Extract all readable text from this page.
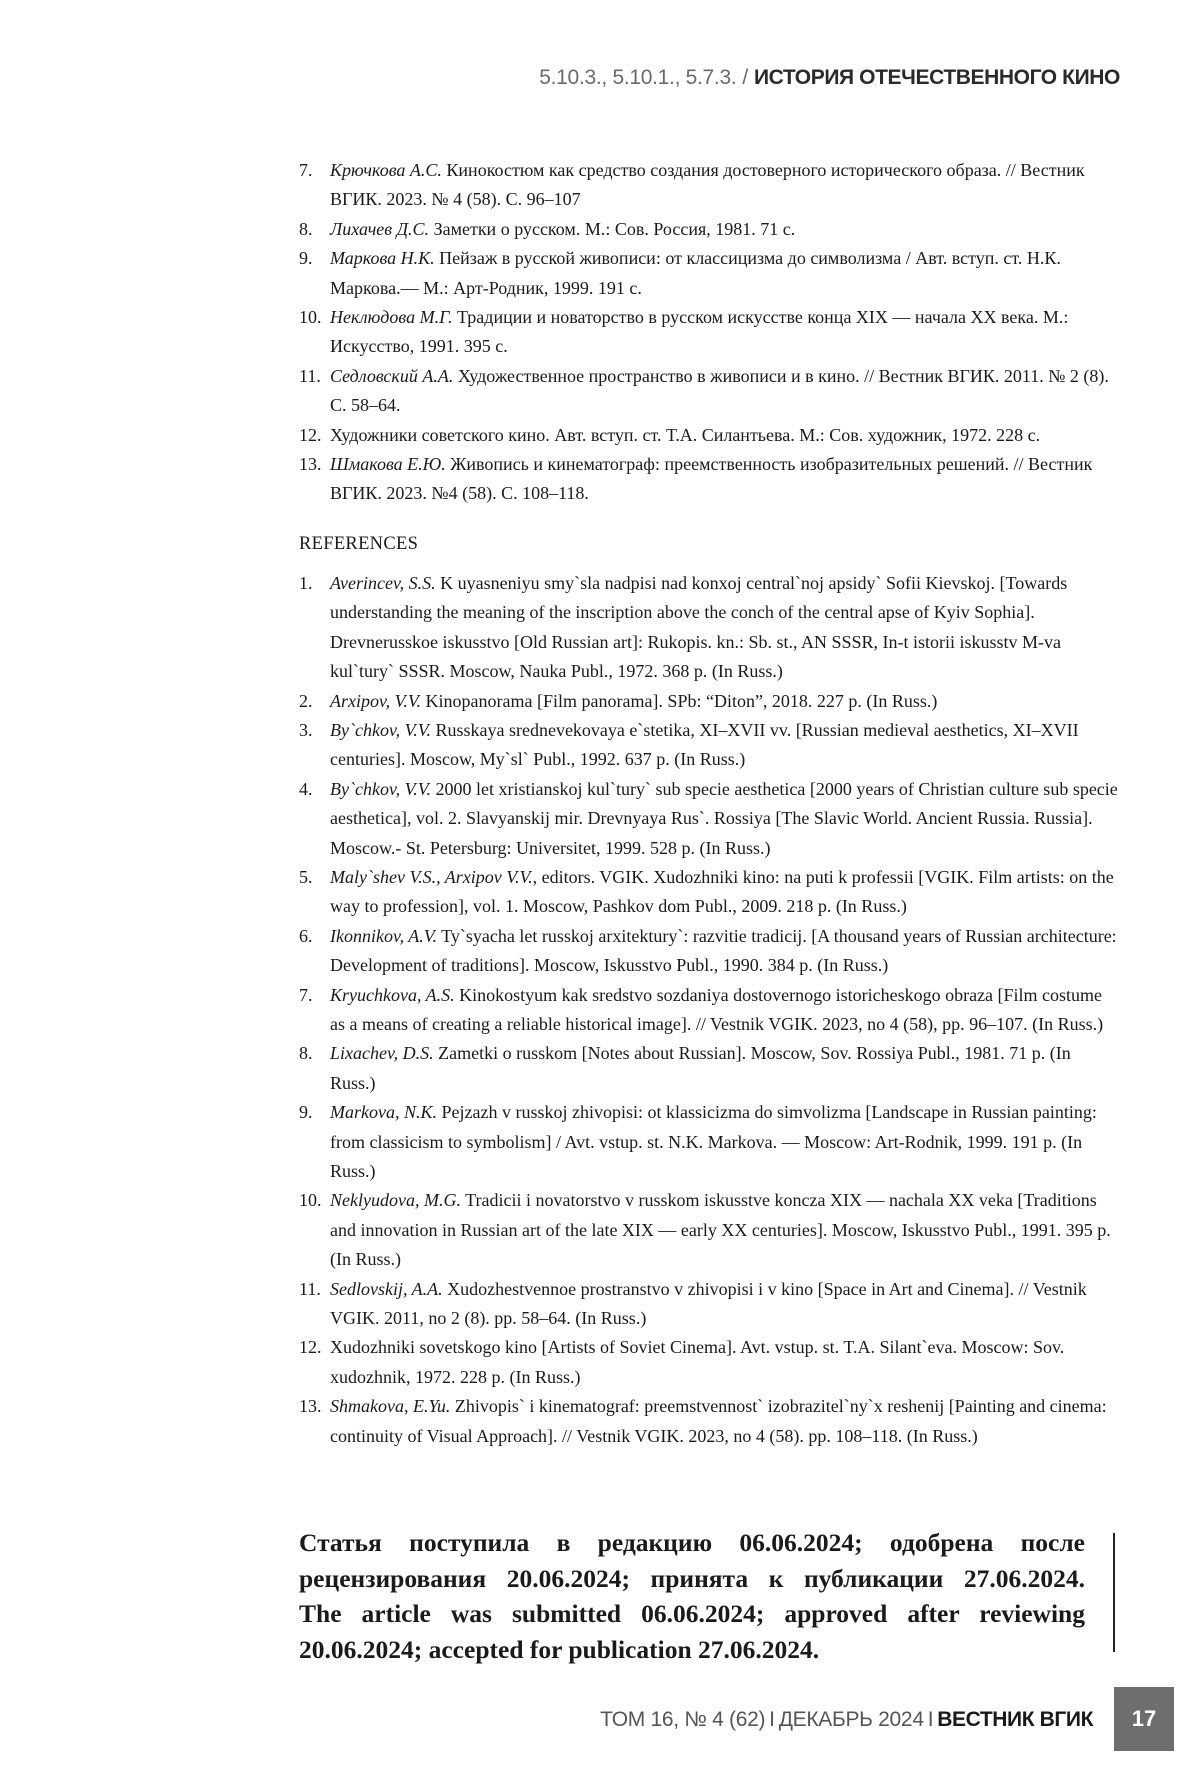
5.10.3., 5.10.1., 5.7.3. / ИСТОРИЯ ОТЕЧЕСТВЕННОГО КИНО
7. Крючкова А.С. Кинокостюм как средство создания достоверного исторического образа. // Вестник ВГИК. 2023. № 4 (58). С. 96–107
8. Лихачев Д.С. Заметки о русском. М.: Сов. Россия, 1981. 71 с.
9. Маркова Н.К. Пейзаж в русской живописи: от классицизма до символизма / Авт. вступ. ст. Н.К. Маркова.— М.: Арт-Родник, 1999. 191 с.
10. Неклюдова М.Г. Традиции и новаторство в русском искусстве конца XIX — начала XX века. М.: Искусство, 1991. 395 с.
11. Седловский А.А. Художественное пространство в живописи и в кино. // Вестник ВГИК. 2011. № 2 (8). С. 58–64.
12. Художники советского кино. Авт. вступ. ст. Т.А. Силантьева. М.: Сов. художник, 1972. 228 с.
13. Шмакова Е.Ю. Живопись и кинематограф: преемственность изобразительных решений. // Вестник ВГИК. 2023. №4 (58). С. 108–118.
REFERENCES
1. Averincev, S.S. K uyasneniyu smy`sla nadpisi nad konxoj central`noj apsidy` Sofii Kievskoj. [Towards understanding the meaning of the inscription above the conch of the central apse of Kyiv Sophia]. Drevnerusskoe iskusstvo [Old Russian art]: Rukopis. kn.: Sb. st., AN SSSR, In-t istorii iskusstv M-va kul`tury` SSSR. Moscow, Nauka Publ., 1972. 368 p. (In Russ.)
2. Arxipov, V.V. Kinopanorama [Film panorama]. SPb: “Diton”, 2018. 227 p. (In Russ.)
3. By`chkov, V.V. Russkaya srednevekovaya e`stetika, XI–XVII vv. [Russian medieval aesthetics, XI–XVII centuries]. Moscow, My`sl` Publ., 1992. 637 p. (In Russ.)
4. By`chkov, V.V. 2000 let xristianskoj kul`tury` sub specie aesthetica [2000 years of Christian culture sub specie aesthetica], vol. 2. Slavyanskij mir. Drevnyaya Rus`. Rossiya [The Slavic World. Ancient Russia. Russia]. Moscow.- St. Petersburg: Universitet, 1999. 528 p. (In Russ.)
5. Maly`shev V.S., Arxipov V.V., editors. VGIK. Xudozhniki kino: na puti k professii [VGIK. Film artists: on the way to profession], vol. 1. Moscow, Pashkov dom Publ., 2009. 218 p. (In Russ.)
6. Ikonnikov, A.V. Ty`syacha let russkoj arxitektury`: razvitie tradicij. [A thousand years of Russian architecture: Development of traditions]. Moscow, Iskusstvo Publ., 1990. 384 p. (In Russ.)
7. Kryuchkova, A.S. Kinokostyum kak sredstvo sozdaniya dostovernogo istoricheskogo obraza [Film costume as a means of creating a reliable historical image]. // Vestnik VGIK. 2023, no 4 (58), pp. 96–107. (In Russ.)
8. Lixachev, D.S. Zametki o russkom [Notes about Russian]. Moscow, Sov. Rossiya Publ., 1981. 71 p. (In Russ.)
9. Markova, N.K. Pejzazh v russkoj zhivopisi: ot klassicizma do simvolizma [Landscape in Russian painting: from classicism to symbolism] / Avt. vstup. st. N.K. Markova. — Moscow: Art-Rodnik, 1999. 191 p. (In Russ.)
10. Neklyudova, M.G. Tradicii i novatorstvo v russkom iskusstve koncza XIX — nachala XX veka [Traditions and innovation in Russian art of the late XIX — early XX centuries]. Moscow, Iskusstvo Publ., 1991. 395 p. (In Russ.)
11. Sedlovskij, A.A. Xudozhestvennoe prostranstvo v zhivopisi i v kino [Space in Art and Cinema]. // Vestnik VGIK. 2011, no 2 (8). pp. 58–64. (In Russ.)
12. Xudozhniki sovetskogo kino [Artists of Soviet Cinema]. Avt. vstup. st. T.A. Silant`eva. Moscow: Sov. xudozhnik, 1972. 228 p. (In Russ.)
13. Shmakova, E.Yu. Zhivopis` i kinematograf: preemstvennost` izobrazitel`ny`x reshenij [Painting and cinema: continuity of Visual Approach]. // Vestnik VGIK. 2023, no 4 (58). pp. 108–118. (In Russ.)
Статья поступила в редакцию 06.06.2024; одобрена после
рецензирования 20.06.2024; принята к публикации 27.06.2024.
The article was submitted 06.06.2024; approved after reviewing
20.06.2024; accepted for publication 27.06.2024.
ТОМ 16, № 4 (62) I ДЕКАБРЬ 2024 I ВЕСТНИК ВГИК	17
